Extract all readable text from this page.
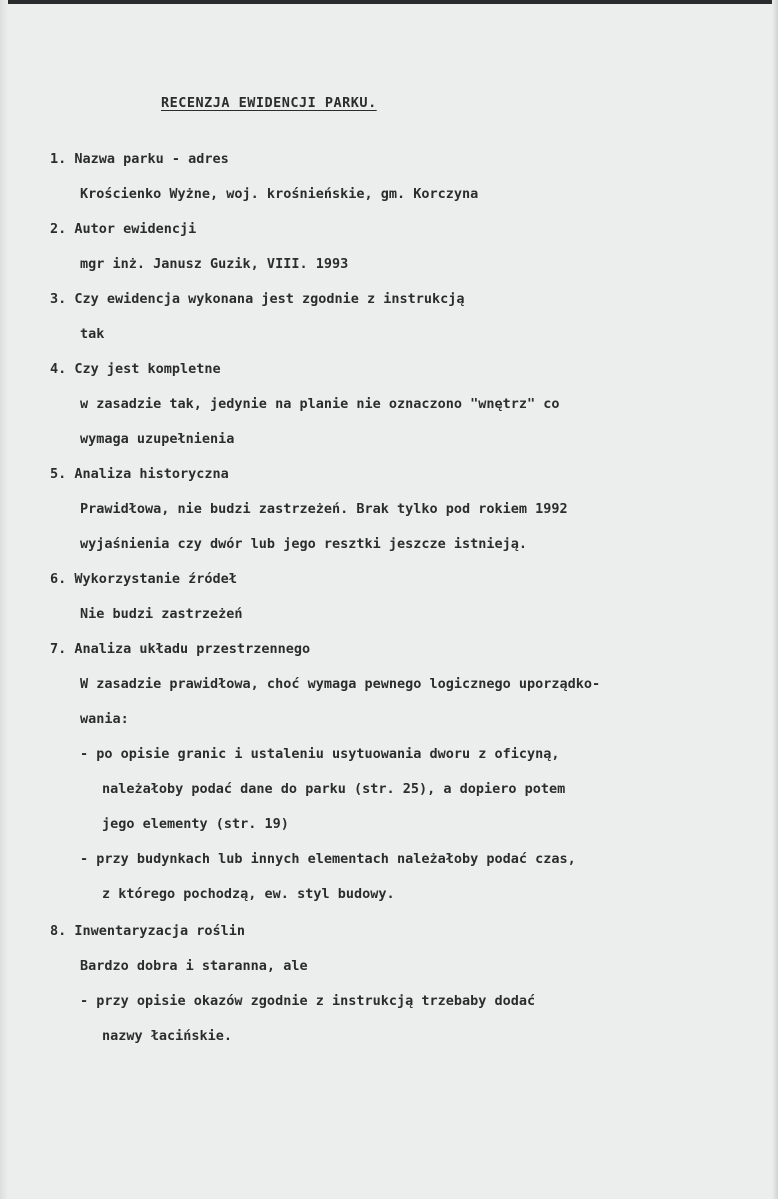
RECENZJA EWIDENCJI PARKU.
1. Nazwa parku - adres
Krościenko Wyżne, woj. krośnieńskie, gm. Korczyna
2. Autor ewidencji
mgr inż. Janusz Guzik, VIII. 1993
3. Czy ewidencja wykonana jest zgodnie z instrukcją
tak
4. Czy jest kompletne
w zasadzie tak, jedynie na planie nie oznaczono "wnętrz" co
wymaga uzupełnienia
5. Analiza historyczna
Prawidłowa, nie budzi zastrzeżeń. Brak tylko pod rokiem 1992
wyjaśnienia czy dwór lub jego resztki jeszcze istnieją.
6. Wykorzystanie źródeł
Nie budzi zastrzeżeń
7. Analiza układu przestrzennego
W zasadzie prawidłowa, choć wymaga pewnego logicznego uporządko-
wania:
- po opisie granic i ustaleniu usytuowania dworu z oficyną,
należałoby podać dane do parku (str. 25), a dopiero potem
jego elementy (str. 19)
- przy budynkach lub innych elementach należałoby podać czas,
z którego pochodzą, ew. styl budowy.
8. Inwentaryzacja roślin
Bardzo dobra i staranna, ale
- przy opisie okazów zgodnie z instrukcją trzebaby dodać
nazwy łacińskie.
